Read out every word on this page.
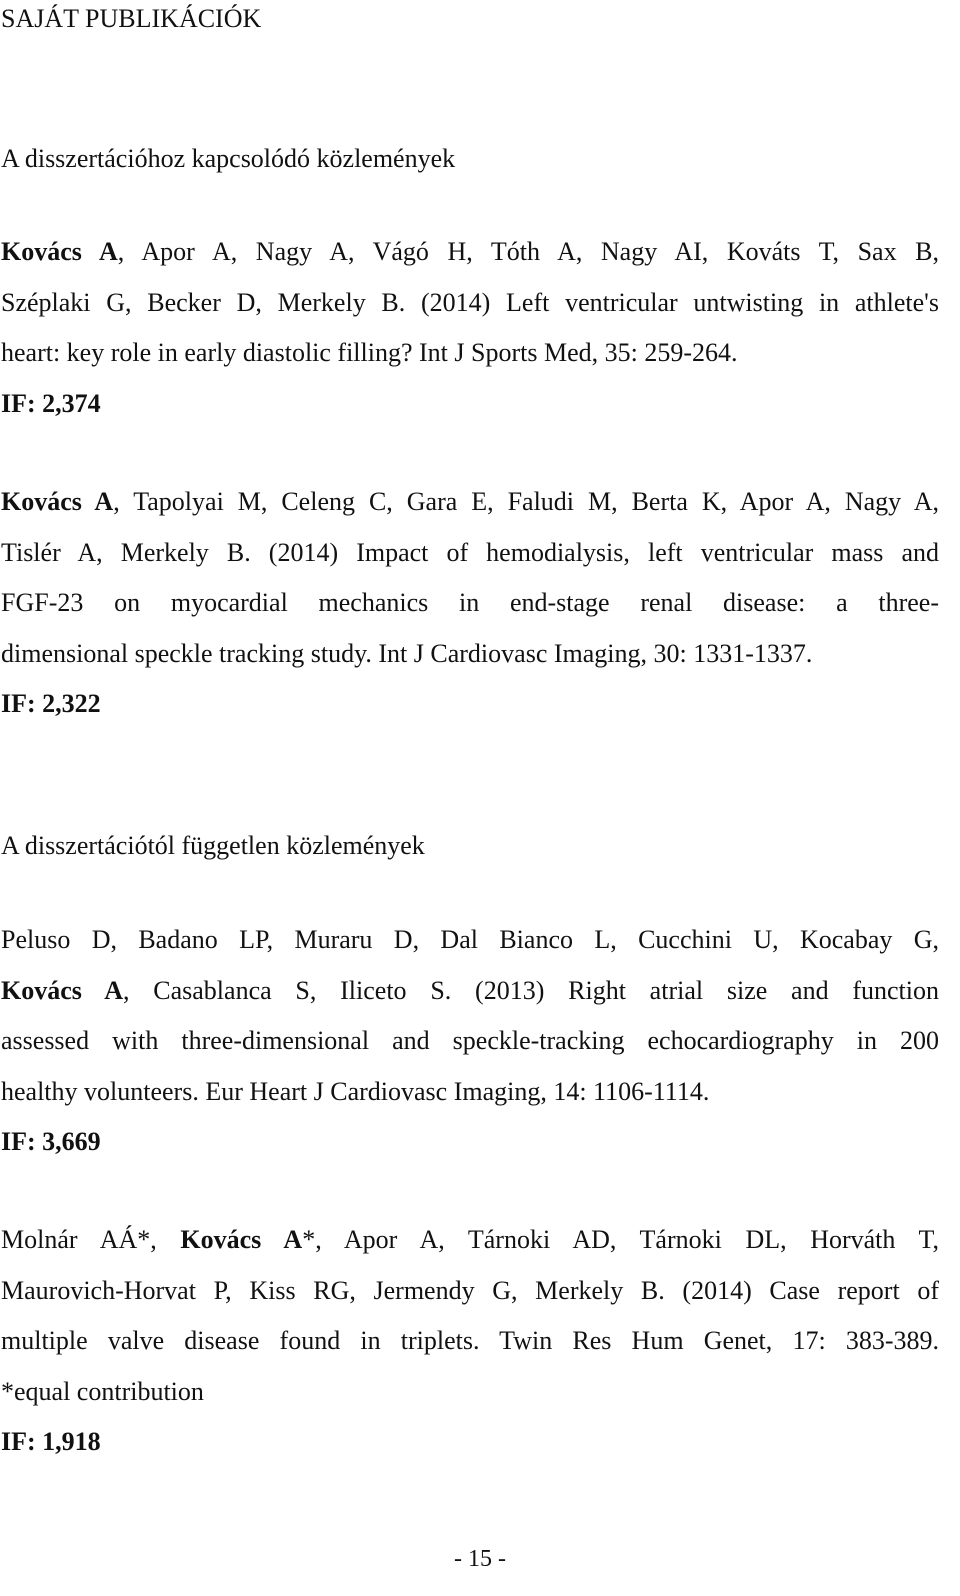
SAJÁT PUBLIKÁCIÓK
A disszertációhoz kapcsolódó közlemények
Kovács A, Apor A, Nagy A, Vágó H, Tóth A, Nagy AI, Kováts T, Sax B,
Széplaki G, Becker D, Merkely B. (2014) Left ventricular untwisting in athlete's
heart: key role in early diastolic filling? Int J Sports Med, 35: 259-264.
IF: 2,374
Kovács A, Tapolyai M, Celeng C, Gara E, Faludi M, Berta K, Apor A, Nagy A,
Tislér A, Merkely B. (2014) Impact of hemodialysis, left ventricular mass and
FGF-23 on myocardial mechanics in end-stage renal disease: a three-
dimensional speckle tracking study. Int J Cardiovasc Imaging, 30: 1331-1337.
IF: 2,322
A disszertációtól független közlemények
Peluso D, Badano LP, Muraru D, Dal Bianco L, Cucchini U, Kocabay G,
Kovács A, Casablanca S, Iliceto S. (2013) Right atrial size and function
assessed with three-dimensional and speckle-tracking echocardiography in 200
healthy volunteers. Eur Heart J Cardiovasc Imaging, 14: 1106-1114.
IF: 3,669
Molnár AÁ*, Kovács A*, Apor A, Tárnoki AD, Tárnoki DL, Horváth T,
Maurovich-Horvat P, Kiss RG, Jermendy G, Merkely B. (2014) Case report of
multiple valve disease found in triplets. Twin Res Hum Genet, 17: 383-389.
*equal contribution
IF: 1,918
- 15 -
